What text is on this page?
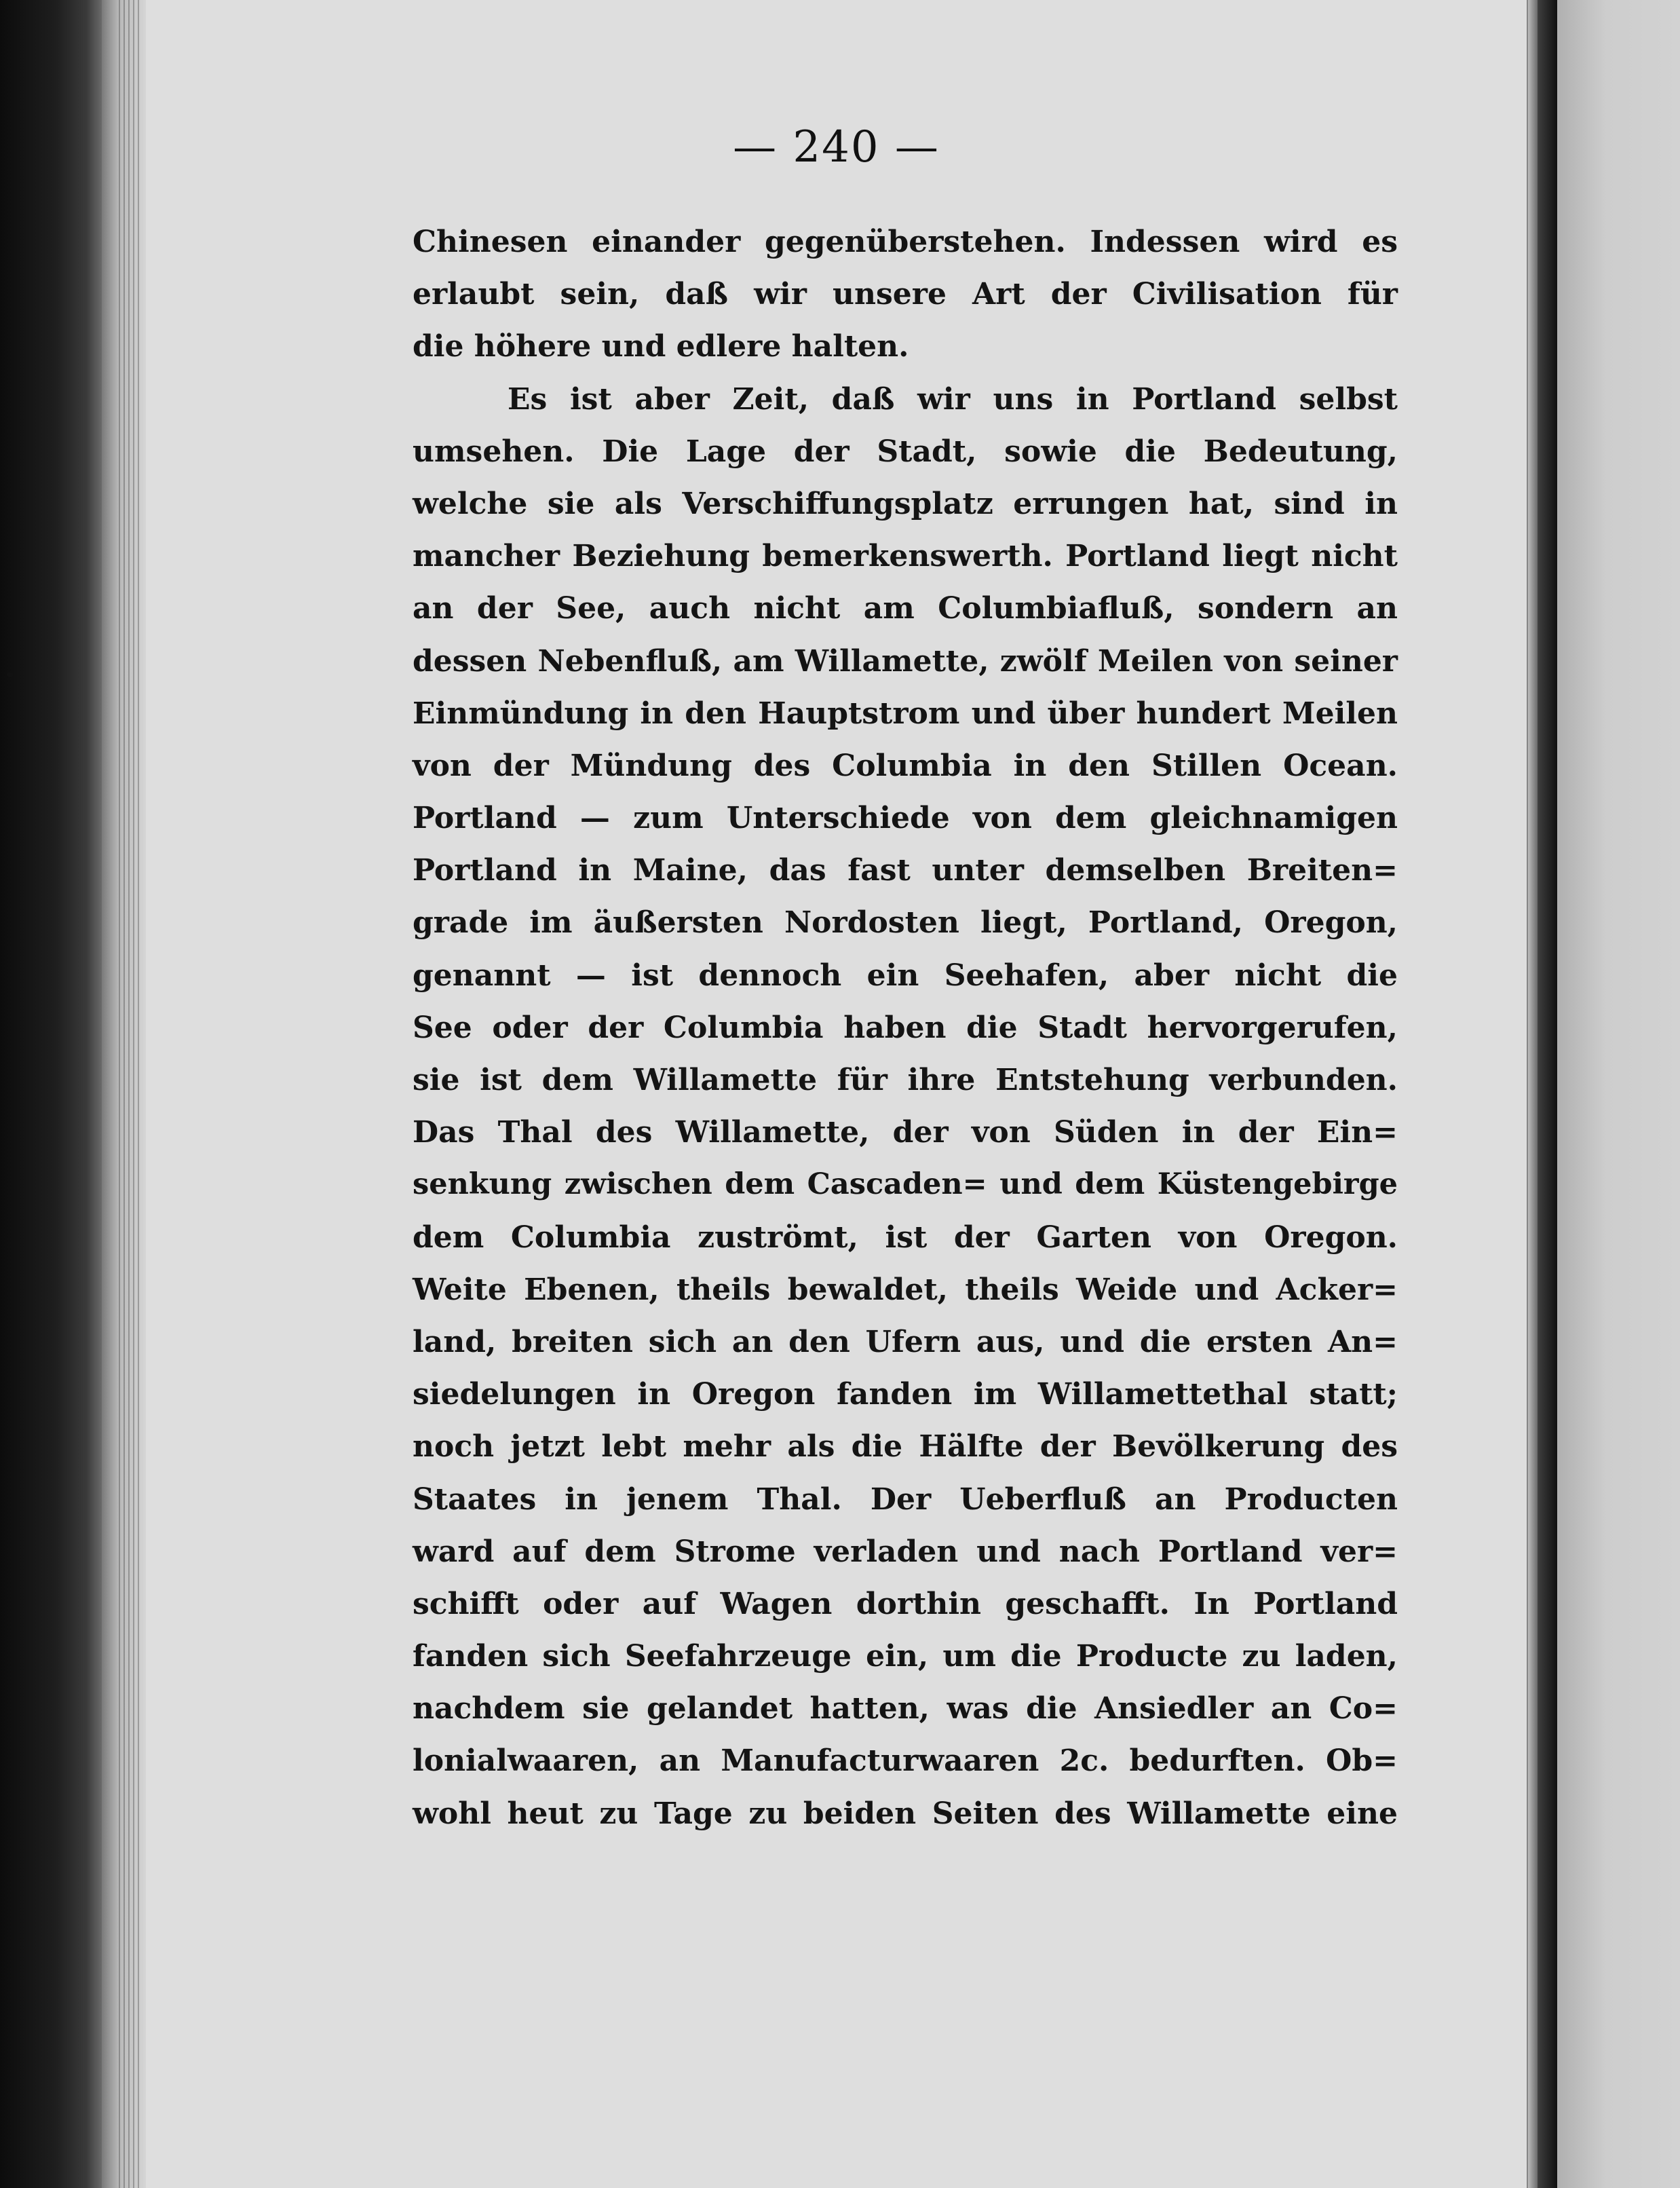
— 240 —
Chinesen einander gegenüberstehen. Indessen wird es
erlaubt sein, daß wir unsere Art der Civilisation für
die höhere und edlere halten.
Es ist aber Zeit, daß wir uns in Portland selbst
umsehen. Die Lage der Stadt, sowie die Bedeutung,
welche sie als Verschiffungsplatz errungen hat, sind in
mancher Beziehung bemerkenswerth. Portland liegt nicht
an der See, auch nicht am Columbiafluß, sondern an
dessen Nebenfluß, am Willamette, zwölf Meilen von seiner
Einmündung in den Hauptstrom und über hundert Meilen
von der Mündung des Columbia in den Stillen Ocean.
Portland — zum Unterschiede von dem gleichnamigen
Portland in Maine, das fast unter demselben Breiten=
grade im äußersten Nordosten liegt, Portland, Oregon,
genannt — ist dennoch ein Seehafen, aber nicht die
See oder der Columbia haben die Stadt hervorgerufen,
sie ist dem Willamette für ihre Entstehung verbunden.
Das Thal des Willamette, der von Süden in der Ein=
senkung zwischen dem Cascaden= und dem Küstengebirge
dem Columbia zuströmt, ist der Garten von Oregon.
Weite Ebenen, theils bewaldet, theils Weide und Acker=
land, breiten sich an den Ufern aus, und die ersten An=
siedelungen in Oregon fanden im Willamettethal statt;
noch jetzt lebt mehr als die Hälfte der Bevölkerung des
Staates in jenem Thal. Der Ueberfluß an Producten
ward auf dem Strome verladen und nach Portland ver=
schifft oder auf Wagen dorthin geschafft. In Portland
fanden sich Seefahrzeuge ein, um die Producte zu laden,
nachdem sie gelandet hatten, was die Ansiedler an Co=
lonialwaaren, an Manufacturwaaren 2c. bedurften. Ob=
wohl heut zu Tage zu beiden Seiten des Willamette eine
